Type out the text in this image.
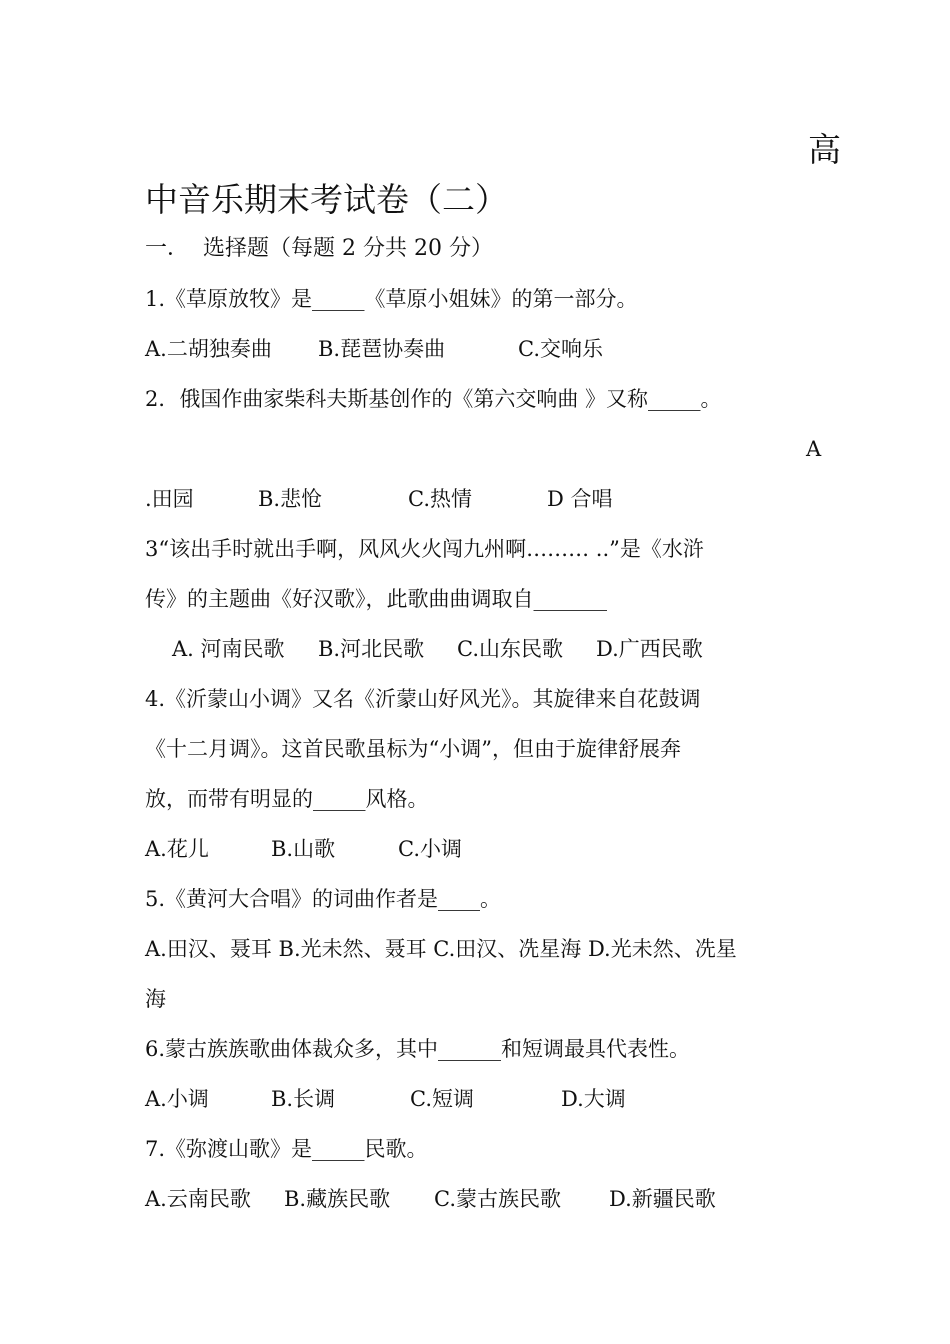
高
中音乐期末考试卷（二）
一．  选择题（每题 2 分共 20 分）
1.《草原放牧》是_____《草原小姐妹》的第一部分。
A.二胡独奏曲 B.琵琶协奏曲	C.交响乐
2．俄国作曲家柴科夫斯基创作的《第六交响曲 》又称_____。
A
.田园	B.悲怆	C.热情	D 合唱
3“该出手时就出手啊，风风火火闯九州啊……… ..”是《水浒
传》的主题曲《好汉歌》，此歌曲曲调取自_______
A. 河南民歌 B.河北民歌 C.山东民歌 D.广西民歌
4.《沂蒙山小调》又名《沂蒙山好风光》。其旋律来自花鼓调
《十二月调》。这首民歌虽标为“小调”，但由于旋律舒展奔
放，而带有明显的_____风格。
A.花儿	B.山歌	C.小调
5.《黄河大合唱》的词曲作者是____。
A.田汉、聂耳 B.光未然、聂耳 C.田汉、冼星海 D.光未然、冼星
海
6.蒙古族族歌曲体裁众多，其中______和短调最具代表性。
A.小调	B.长调	C.短调	D.大调
7.《弥渡山歌》是_____民歌。
A.云南民歌 B.藏族民歌 C.蒙古族民歌 D.新疆民歌
